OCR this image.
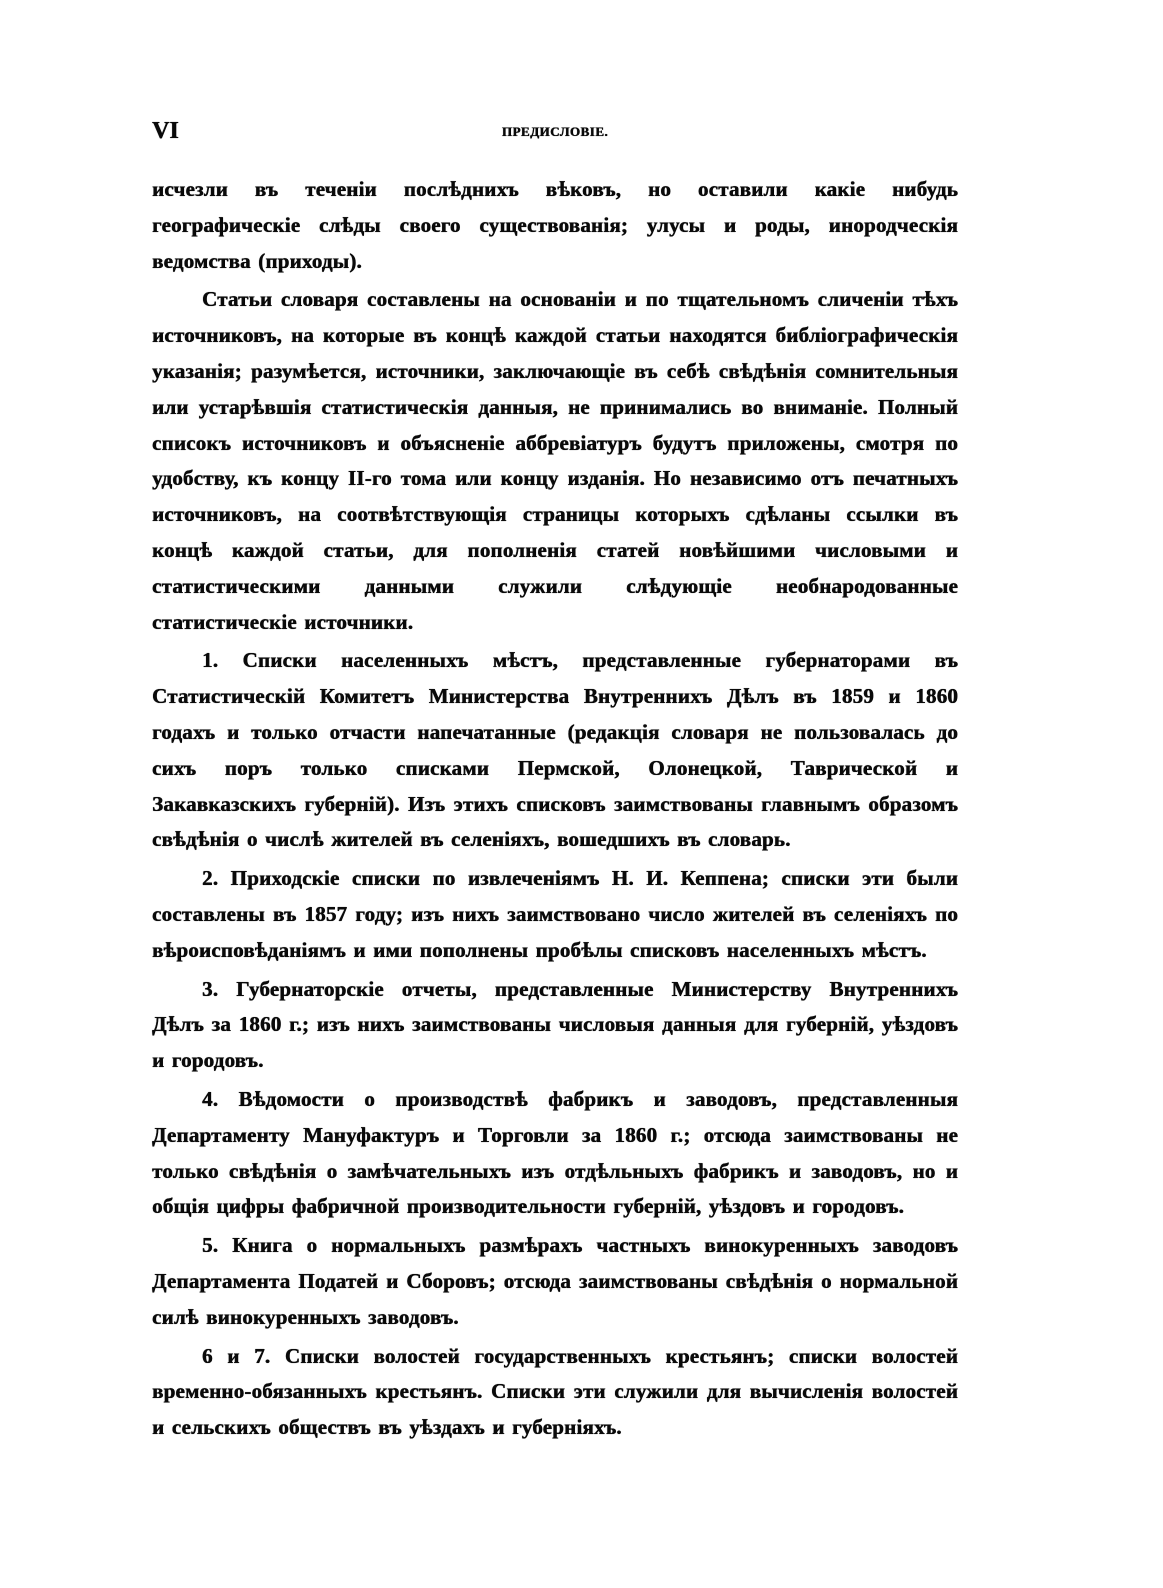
VI	ПРЕДИСЛОВІЕ.

исчезли въ теченіи послѣднихъ вѣковъ, но оставили какіе нибудь географическіе слѣды своего существованія; улусы и роды, инородческія ведомства (приходы).

Статьи словаря составлены на основаніи и по тщательномъ сличеніи тѣхъ источниковъ, на которые въ концѣ каждой статьи находятся библіографическія указанія; разумѣется, источники, заключающіе въ себѣ свѣдѣнія сомнительныя или устарѣвшія статистическія данныя, не принимались во вниманіе. Полный списокъ источниковъ и объясненіе аббревіатуръ будутъ приложены, смотря по удобству, къ концу II-го тома или концу изданія. Но независимо отъ печатныхъ источниковъ, на соотвѣтствующія страницы которыхъ сдѣланы ссылки въ концѣ каждой статьи, для пополненія статей новѣйшими числовыми и статистическими данными служили слѣдующіе необнародованные статистическіе источники.

1. Списки населенныхъ мѣстъ, представленные губернаторами въ Статистическій Комитетъ Министерства Внутреннихъ Дѣлъ въ 1859 и 1860 годахъ и только отчасти напечатанные (редакція словаря не пользовалась до сихъ поръ только списками Пермской, Олонецкой, Таврической и Закавказскихъ губерній). Изъ этихъ списковъ заимствованы главнымъ образомъ свѣдѣнія о числѣ жителей въ селеніяхъ, вошедшихъ въ словарь.

2. Приходскіе списки по извлеченіямъ Н. И. Кеппена; списки эти были составлены въ 1857 году; изъ нихъ заимствовано число жителей въ селеніяхъ по вѣроисповѣданіямъ и ими пополнены пробѣлы списковъ населенныхъ мѣстъ.

3. Губернаторскіе отчеты, представленные Министерству Внутреннихъ Дѣлъ за 1860 г.; изъ нихъ заимствованы числовыя данныя для губерній, уѣздовъ и городовъ.

4. Вѣдомости о производствѣ фабрикъ и заводовъ, представленныя Департаменту Мануфактуръ и Торговли за 1860 г.; отсюда заимствованы не только свѣдѣнія о замѣчательныхъ изъ отдѣльныхъ фабрикъ и заводовъ, но и общія цифры фабричной производительности губерній, уѣздовъ и городовъ.

5. Книга о нормальныхъ размѣрахъ частныхъ винокуренныхъ заводовъ Департамента Податей и Сборовъ; отсюда заимствованы свѣдѣнія о нормальной силѣ винокуренныхъ заводовъ.

6 и 7. Списки волостей государственныхъ крестьянъ; списки волостей временно-обязанныхъ крестьянъ. Списки эти служили для вычисленія волостей и сельскихъ обществъ въ уѣздахъ и губерніяхъ.
